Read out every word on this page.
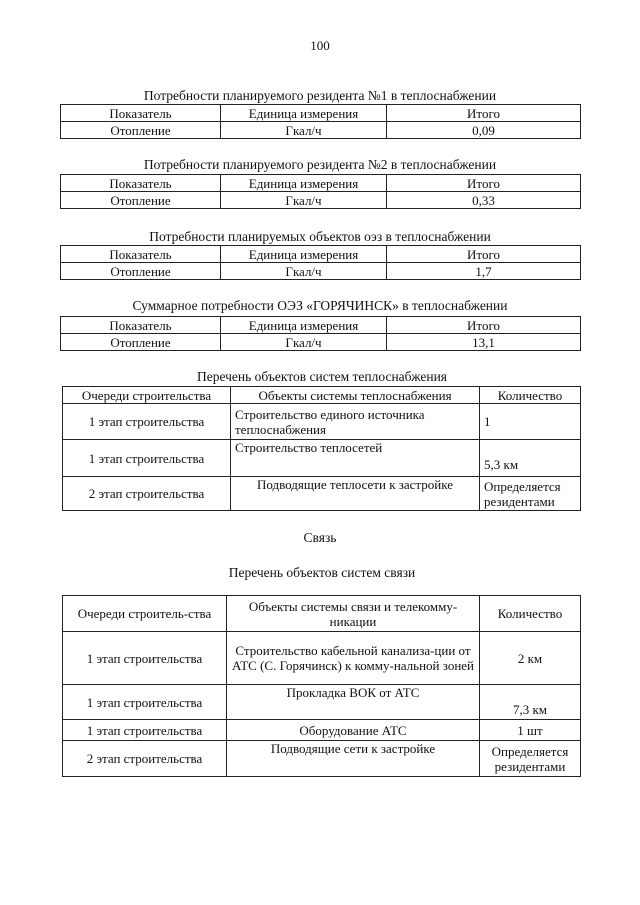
100
Потребности планируемого резидента №1 в теплоснабжении
Показатель	Единица измерения	Итого
Отопление	Гкал/ч	0,09
Потребности планируемого резидента №2 в теплоснабжении
Показатель	Единица измерения	Итого
Отопление	Гкал/ч	0,33
Потребности планируемых объектов оэз в теплоснабжении
Показатель	Единица измерения	Итого
Отопление	Гкал/ч	1,7
Суммарное потребности ОЭЗ «ГОРЯЧИНСК» в теплоснабжении
Показатель	Единица измерения	Итого
Отопление	Гкал/ч	13,1
Перечень объектов систем теплоснабжения
Очереди строительства	Объекты системы теплоснабжения	Количество
1 этап строительства	Строительство единого источника теплоснабжения	1
1 этап строительства	Строительство теплосетей	5,3 км
2 этап строительства	Подводящие теплосети к застройке	Определяется резидентами
Связь
Перечень объектов систем связи
Очереди строитель-ства	Объекты системы связи и телекомму-никации	Количество
1 этап строительства	Строительство кабельной канализа-ции от АТС (С. Горячинск) к комму-нальной зоней	2 км
1 этап строительства	Прокладка ВОК от АТС	7,3 км
1 этап строительства	Оборудование АТС	1 шт
2 этап строительства	Подводящие сети к застройке	Определяется резидентами
